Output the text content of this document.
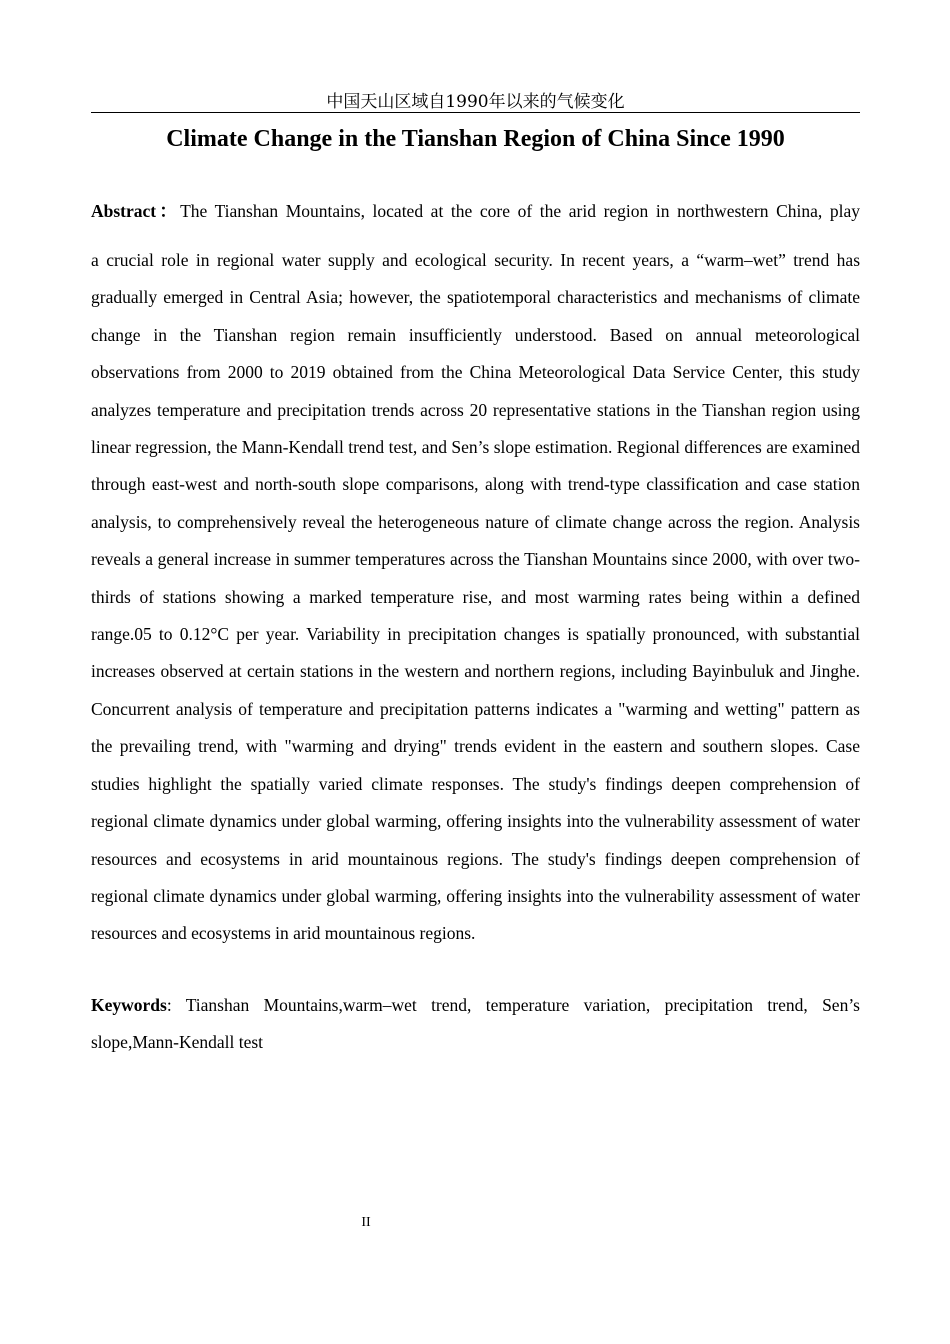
中国天山区域自1990年以来的气候变化
Climate Change in the Tianshan Region of China Since 1990

Abstract：The Tianshan Mountains, located at the core of the arid region in northwestern China, play
a crucial role in regional water supply and ecological security. In recent years, a “warm–wet” trend has gradually emerged in Central Asia; however, the spatiotemporal characteristics and mechanisms of climate change in the Tianshan region remain insufficiently understood. Based on annual meteorological observations from 2000 to 2019 obtained from the China Meteorological Data Service Center, this study analyzes temperature and precipitation trends across 20 representative stations in the Tianshan region using linear regression, the Mann-Kendall trend test, and Sen’s slope estimation. Regional differences are examined through east-west and north-south slope comparisons, along with trend-type classification and case station analysis, to comprehensively reveal the heterogeneous nature of climate change across the region. Analysis reveals a general increase in summer temperatures across the Tianshan Mountains since 2000, with over two-thirds of stations showing a marked temperature rise, and most warming rates being within a defined range.05 to 0.12°C per year. Variability in precipitation changes is spatially pronounced, with substantial increases observed at certain stations in the western and northern regions, including Bayinbuluk and Jinghe. Concurrent analysis of temperature and precipitation patterns indicates a "warming and wetting" pattern as the prevailing trend, with "warming and drying" trends evident in the eastern and southern slopes. Case studies highlight the spatially varied climate responses. The study's findings deepen comprehension of regional climate dynamics under global warming, offering insights into the vulnerability assessment of water resources and ecosystems in arid mountainous regions. The study's findings deepen comprehension of regional climate dynamics under global warming, offering insights into the vulnerability assessment of water resources and ecosystems in arid mountainous regions.

Keywords: Tianshan Mountains,warm–wet trend, temperature variation, precipitation trend, Sen’s slope,Mann-Kendall test

II
